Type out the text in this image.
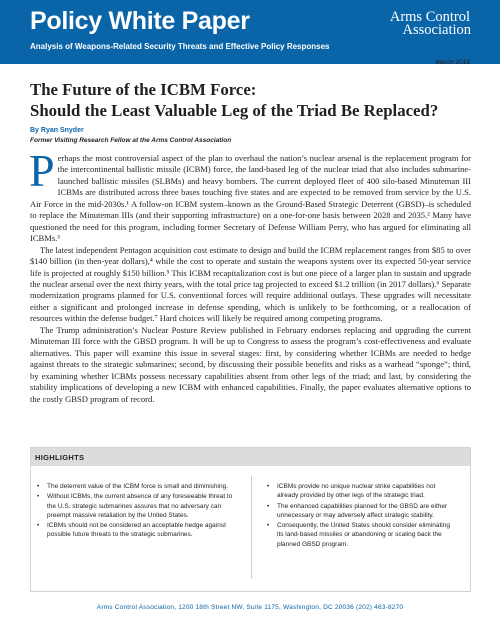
Policy White Paper
Analysis of Weapons-Related Security Threats and Effective Policy Responses
Arms Control
Association
March 2018
The Future of the ICBM Force:
Should the Least Valuable Leg of the Triad Be Replaced?
By Ryan Snyder
Former Visiting Research Fellow at the Arms Control Association

Perhaps the most controversial aspect of the plan to overhaul the nation’s nuclear arsenal is the replacement program for the intercontinental ballistic missile (ICBM) force, the land-based leg of the nuclear triad that also includes submarine-launched ballistic missiles (SLBMs) and heavy bombers. The current deployed fleet of 400 silo-based Minuteman III ICBMs are distributed across three bases touching five states and are expected to be removed from service by the U.S. Air Force in the mid-2030s.¹ A follow-on ICBM system–known as the Ground-Based Strategic Deterrent (GBSD)–is scheduled to replace the Minuteman IIIs (and their supporting infrastructure) on a one-for-one basis between 2028 and 2035.² Many have questioned the need for this program, including former Secretary of Defense William Perry, who has argued for eliminating all ICBMs.³

The latest independent Pentagon acquisition cost estimate to design and build the ICBM replacement ranges from $85 to over $140 billion (in then-year dollars),⁴ while the cost to operate and sustain the weapons system over its expected 50-year service life is projected at roughly $150 billion.⁵ This ICBM recapitalization cost is but one piece of a larger plan to sustain and upgrade the nuclear arsenal over the next thirty years, with the total price tag projected to exceed $1.2 trillion (in 2017 dollars).⁶ Separate modernization programs planned for U.S. conventional forces will require additional outlays. These upgrades will necessitate either a significant and prolonged increase in defense spending, which is unlikely to be forthcoming, or a reallocation of resources within the defense budget.⁷ Hard choices will likely be required among competing programs.

The Trump administration’s Nuclear Posture Review published in February endorses replacing and upgrading the current Minuteman III force with the GBSD program. It will be up to Congress to assess the program’s cost-effectiveness and evaluate alternatives. This paper will examine this issue in several stages: first, by considering whether ICBMs are needed to hedge against threats to the strategic submarines; second, by discussing their possible benefits and risks as a warhead “sponge”; third, by examining whether ICBMs possess necessary capabilities absent from other legs of the triad; and last, by considering the stability implications of developing a new ICBM with enhanced capabilities. Finally, the paper evaluates alternative options to the costly GBSD program of record.

HIGHLIGHTS
• The deterrent value of the ICBM force is small and diminishing.
• Without ICBMs, the current absence of any foreseeable threat to the U.S. strategic submarines assures that no adversary can preempt massive retaliation by the United States.
• ICBMs should not be considered an acceptable hedge against possible future threats to the strategic submarines.
• ICBMs provide no unique nuclear strike capabilities not already provided by other legs of the strategic triad.
• The enhanced capabilities planned for the GBSD are either unnecessary or may adversely affect strategic stability.
• Consequently, the United States should consider eliminating its land-based missiles or abandoning or scaling back the planned GBSD program.
Arms Control Association, 1200 18th Street NW, Suite 1175, Washington, DC 20036 (202) 463-8270
